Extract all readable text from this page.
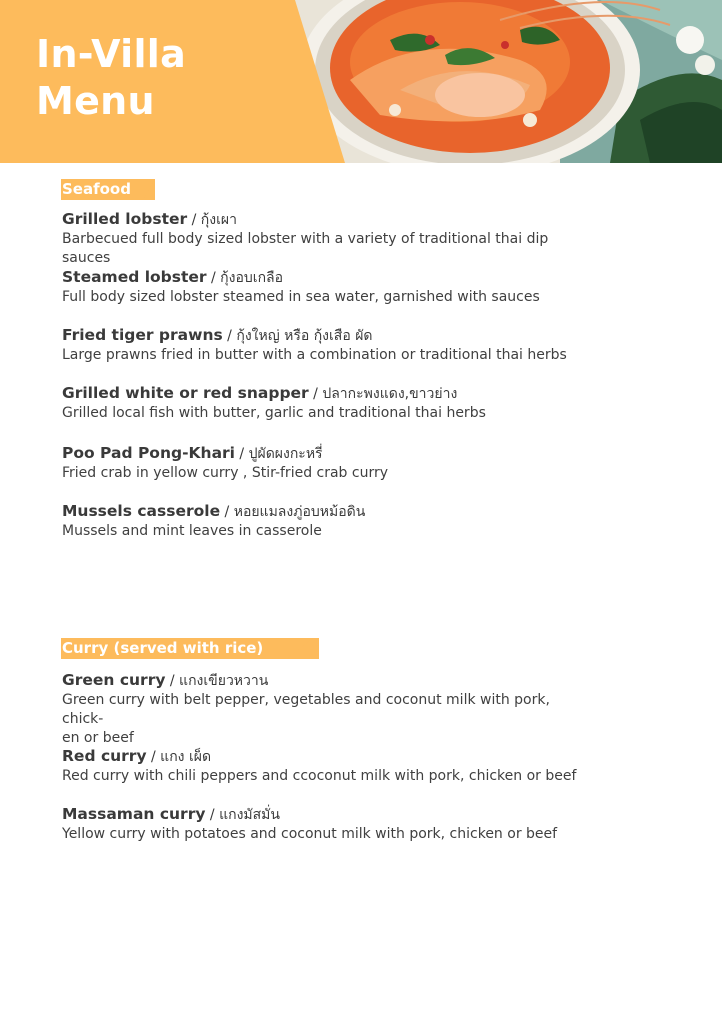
In-Villa
Menu
Seafood
Grilled lobster / กุ้งเผา
Barbecued full body sized lobster with a variety of traditional thai dip sauces
Steamed lobster / กุ้งอบเกลือ
Full body sized lobster steamed in sea water, garnished with sauces
Fried tiger prawns / กุ้งใหญ่ หรือ กุ้งเสือ ผัด
Large prawns fried in butter with a combination or traditional thai herbs
Grilled white or red snapper / ปลากะพงแดง,ขาวย่าง
Grilled local fish with butter, garlic and traditional thai herbs
Poo Pad Pong-Khari / ปูผัดผงกะหรี่
Fried crab in yellow curry , Stir-fried crab curry
Mussels casserole / หอยแมลงภู่อบหม้อดิน
Mussels and mint leaves in casserole
Curry (served with rice)
Green curry / แกงเขียวหวาน
Green curry with belt pepper, vegetables and coconut milk with pork, chick-
en or beef
Red curry / แกง เผ็ด
Red curry with chili peppers and ccoconut milk with pork, chicken or beef
Massaman curry / แกงมัสมั่น
Yellow curry with potatoes and coconut milk with pork, chicken or beef
